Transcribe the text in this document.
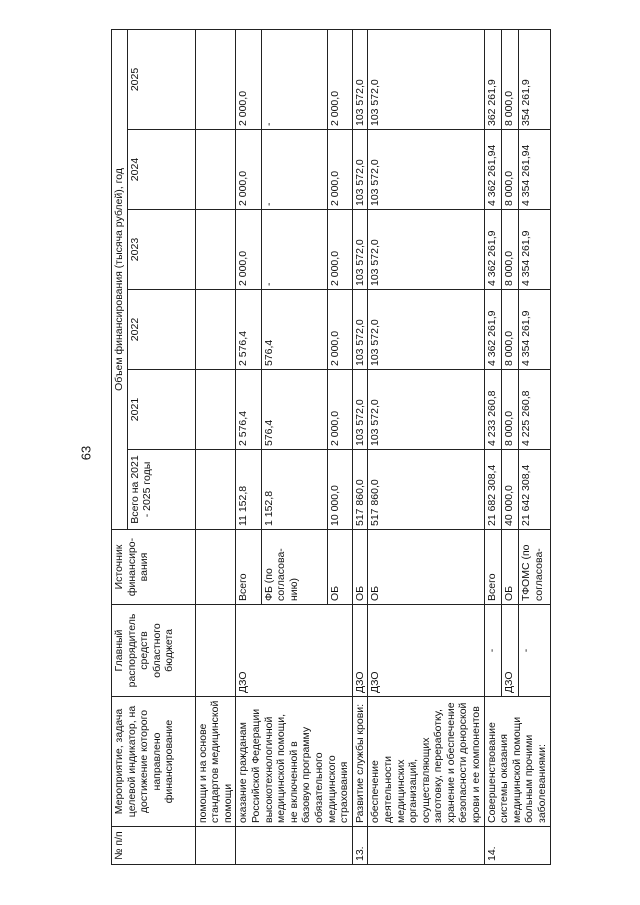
63
№ п/п	Мероприятие, задача целевой индикатор, на достижение которого направлено финансирование	Главный распорядитель средств областного бюджета	Источник финансиро-вания	Объем финансирования (тысяча рублей), год					
				Всего на 2021 - 2025 годы	2021	2022	2023	2024	2025
	помощи и на основе стандартов медицинской помощи								
	оказание гражданам Российской Федерации высокотехнологичной медицинской помощи, не включенной в базовую программу обязательного медицинского страхования	ДЗО	Всего	11 152,8	2 576,4	2 576,4	2 000,0	2 000,0	2 000,0
			ФБ (по согласова-нию)	1 152,8	576,4	576,4	-	-	-
			ОБ	10 000,0	2 000,0	2 000,0	2 000,0	2 000,0	2 000,0
13.	Развитие службы крови:	ДЗО	ОБ	517 860,0	103 572,0	103 572,0	103 572,0	103 572,0	103 572,0
	обеспечение деятельности медицинских организаций, осуществляющих заготовку, переработку, хранение и обеспечение безопасности донорской крови и ее компонентов	ДЗО	ОБ	517 860,0	103 572,0	103 572,0	103 572,0	103 572,0	103 572,0
14.	Совершенствование системы оказания медицинской помощи больным прочими заболеваниями:	-	Всего	21 682 308,4	4 233 260,8	4 362 261,9	4 362 261,9	4 362 261,94	362 261,9
		ДЗО	ОБ	40 000,0	8 000,0	8 000,0	8 000,0	8 000,0	8 000,0
		-	ТФОМС (по согласова-	21 642 308,4	4 225 260,8	4 354 261,9	4 354 261,9	4 354 261,94	354 261,9
